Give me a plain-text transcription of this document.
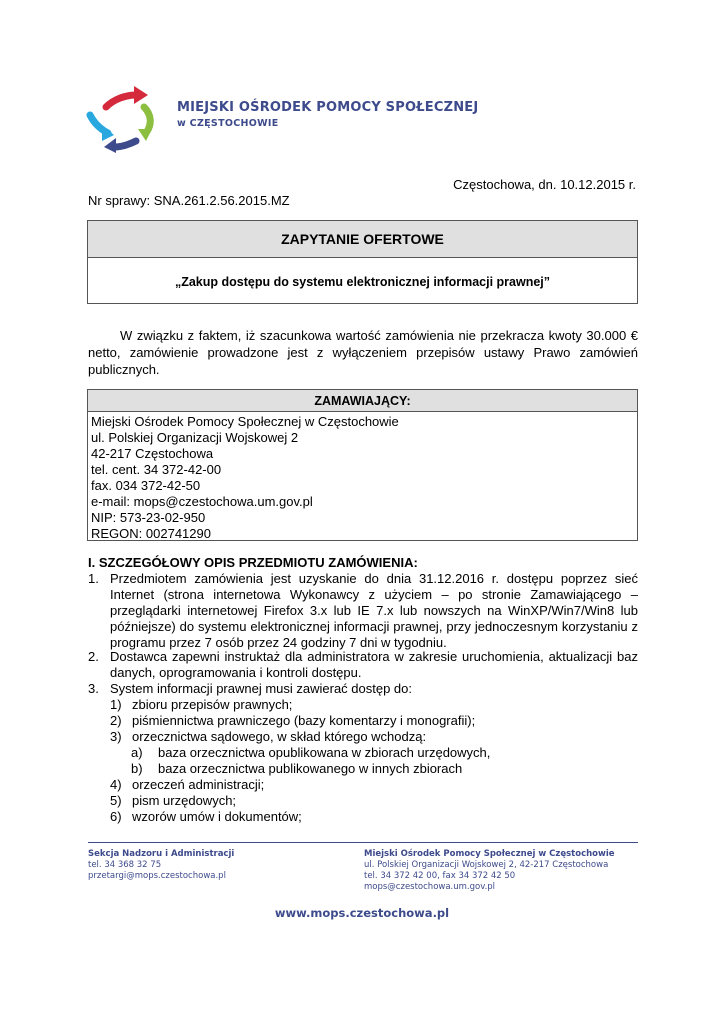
MIEJSKI OŚRODEK POMOCY SPOŁECZNEJ
w CZĘSTOCHOWIE
Częstochowa, dn. 10.12.2015 r.
Nr sprawy: SNA.261.2.56.2015.MZ
ZAPYTANIE OFERTOWE
„Zakup dostępu do systemu elektronicznej informacji prawnej”
W związku z faktem, iż szacunkowa wartość zamówienia nie przekracza kwoty 30.000 € netto, zamówienie prowadzone jest z wyłączeniem przepisów ustawy Prawo zamówień publicznych.
ZAMAWIAJĄCY:
Miejski Ośrodek Pomocy Społecznej w Częstochowie
ul. Polskiej Organizacji Wojskowej 2
42-217 Częstochowa
tel. cent. 34 372-42-00
fax. 034 372-42-50
e-mail: mops@czestochowa.um.gov.pl
NIP: 573-23-02-950
REGON: 002741290
I. SZCZEGÓŁOWY OPIS PRZEDMIOTU ZAMÓWIENIA:
1. Przedmiotem zamówienia jest uzyskanie do dnia 31.12.2016 r. dostępu poprzez sieć Internet (strona internetowa Wykonawcy z użyciem – po stronie Zamawiającego – przeglądarki internetowej Firefox 3.x lub IE 7.x lub nowszych na WinXP/Win7/Win8 lub późniejsze) do systemu elektronicznej informacji prawnej, przy jednoczesnym korzystaniu z programu przez 7 osób przez 24 godziny 7 dni w tygodniu.
2. Dostawca zapewni instruktaż dla administratora w zakresie uruchomienia, aktualizacji baz danych, oprogramowania i kontroli dostępu.
3. System informacji prawnej musi zawierać dostęp do:
1) zbioru przepisów prawnych;
2) piśmiennictwa prawniczego (bazy komentarzy i monografii);
3) orzecznictwa sądowego, w skład którego wchodzą:
a) baza orzecznictwa opublikowana w zbiorach urzędowych,
b) baza orzecznictwa publikowanego w innych zbiorach
4) orzeczeń administracji;
5) pism urzędowych;
6) wzorów umów i dokumentów;
Sekcja Nadzoru i Administracji
tel. 34 368 32 75
przetargi@mops.czestochowa.pl
Miejski Ośrodek Pomocy Społecznej w Częstochowie
ul. Polskiej Organizacji Wojskowej 2, 42-217 Częstochowa
tel. 34 372 42 00, fax 34 372 42 50
mops@czestochowa.um.gov.pl
www.mops.czestochowa.pl
